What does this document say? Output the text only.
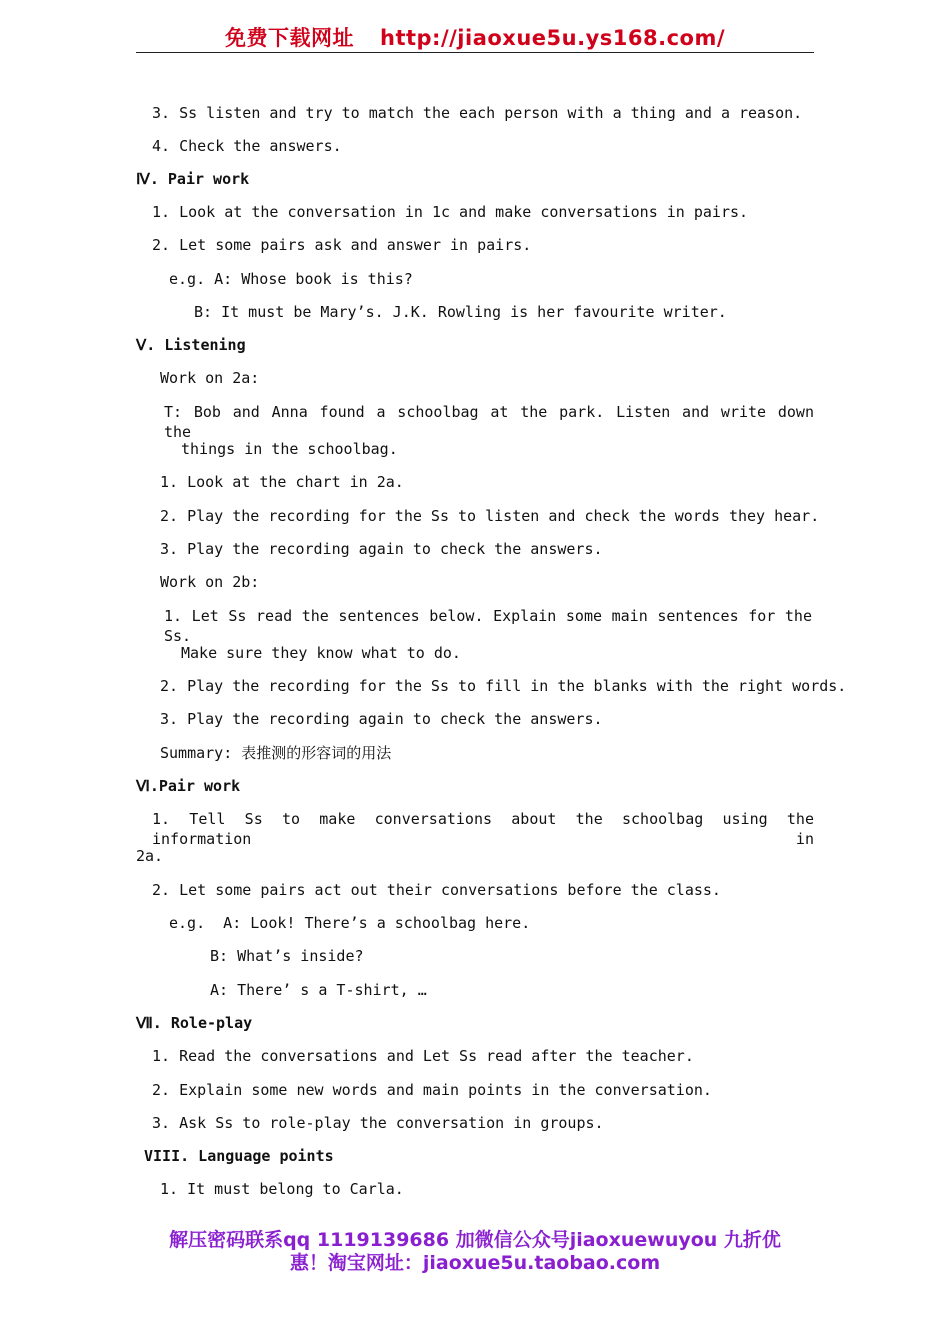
免费下载网址 http://jiaoxue5u.ys168.com/
3. Ss listen and try to match the each person with a thing and a reason.
4. Check the answers.
Ⅳ. Pair work
1. Look at the conversation in 1c and make conversations in pairs.
2. Let some pairs ask and answer in pairs.
e.g. A: Whose book is this?
B: It must be Mary’s. J.K. Rowling is her favourite writer.
Ⅴ. Listening
Work on 2a:
T: Bob and Anna found a schoolbag at the park. Listen and write down the
things in the schoolbag.
1. Look at the chart in 2a.
2. Play the recording for the Ss to listen and check the words they hear.
3. Play the recording again to check the answers.
Work on 2b:
1. Let Ss read the sentences below. Explain some main sentences for the Ss.
Make sure they know what to do.
2. Play the recording for the Ss to fill in the blanks with the right words.
3. Play the recording again to check the answers.
Summary: 表推测的形容词的用法
Ⅵ.Pair work
1. Tell Ss to make conversations about the schoolbag using the information in
2a.
2. Let some pairs act out their conversations before the class.
e.g.  A: Look! There’s a schoolbag here.
B: What’s inside?
A: There’ s a T-shirt, …
Ⅶ. Role-play
1. Read the conversations and Let Ss read after the teacher.
2. Explain some new words and main points in the conversation.
3. Ask Ss to role-play the conversation in groups.
VIII. Language points
1. It must belong to Carla.
解压密码联系qq 1119139686 加微信公众号jiaoxuewuyou 九折优
惠！淘宝网址：jiaoxue5u.taobao.com
